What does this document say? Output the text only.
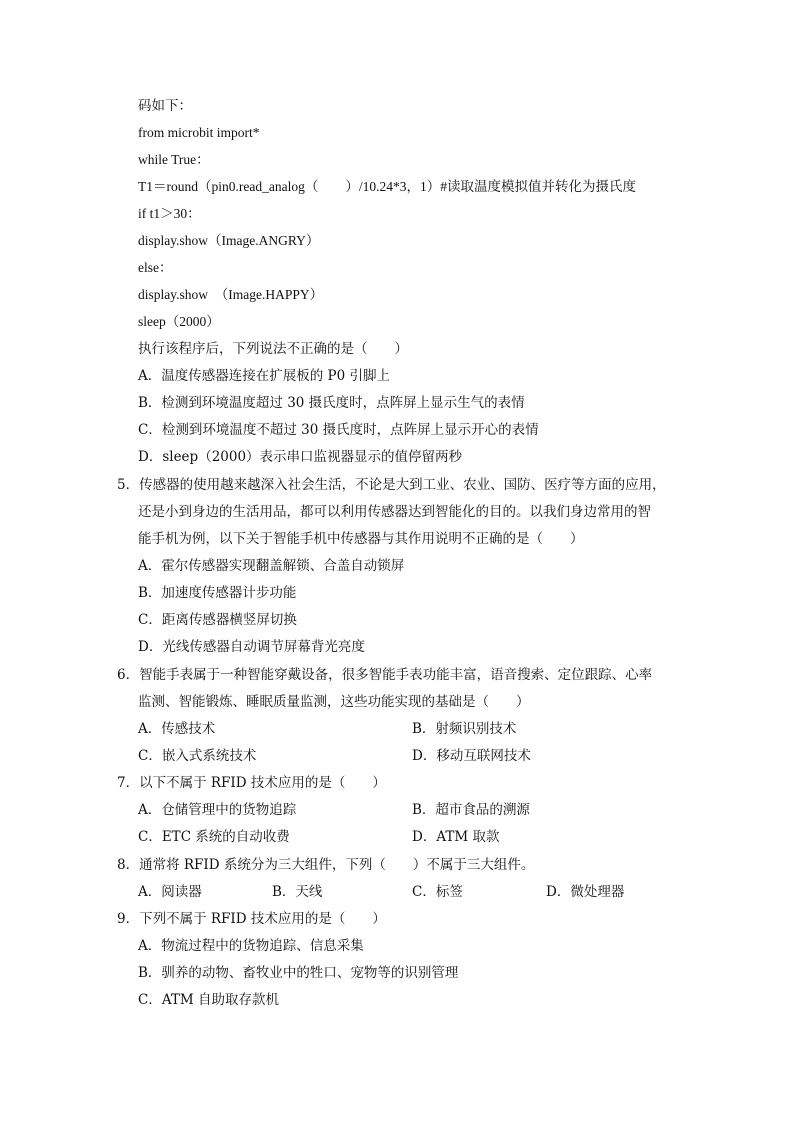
码如下：
from microbit import*
while True：
T1＝round（pin0.read_analog（　　）/10.24*3，1）#读取温度模拟值并转化为摄氏度
if t1＞30：
display.show（Image.ANGRY）
else：
display.show　（Image.HAPPY）
sleep（2000）
执行该程序后，下列说法不正确的是（　　）
A．温度传感器连接在扩展板的 P0 引脚上
B．检测到环境温度超过 30 摄氏度时，点阵屏上显示生气的表情
C．检测到环境温度不超过 30 摄氏度时，点阵屏上显示开心的表情
D．sleep（2000）表示串口监视器显示的值停留两秒
5．传感器的使用越来越深入社会生活，不论是大到工业、农业、国防、医疗等方面的应用，
还是小到身边的生活用品，都可以利用传感器达到智能化的目的。以我们身边常用的智
能手机为例，以下关于智能手机中传感器与其作用说明不正确的是（　　）
A．霍尔传感器实现翻盖解锁、合盖自动锁屏
B．加速度传感器计步功能
C．距离传感器横竖屏切换
D．光线传感器自动调节屏幕背光亮度
6．智能手表属于一种智能穿戴设备，很多智能手表功能丰富，语音搜索、定位跟踪、心率
监测、智能锻炼、睡眠质量监测，这些功能实现的基础是（　　）
A．传感技术	B．射频识别技术
C．嵌入式系统技术	D．移动互联网技术
7．以下不属于 RFID 技术应用的是（　　）
A．仓储管理中的货物追踪	B．超市食品的溯源
C．ETC 系统的自动收费	D．ATM 取款
8．通常将 RFID 系统分为三大组件，下列（　　）不属于三大组件。
A．阅读器	B．天线	C．标签	D．微处理器
9．下列不属于 RFID 技术应用的是（　　）
A．物流过程中的货物追踪、信息采集
B．驯养的动物、畜牧业中的牲口、宠物等的识别管理
C．ATM 自助取存款机
